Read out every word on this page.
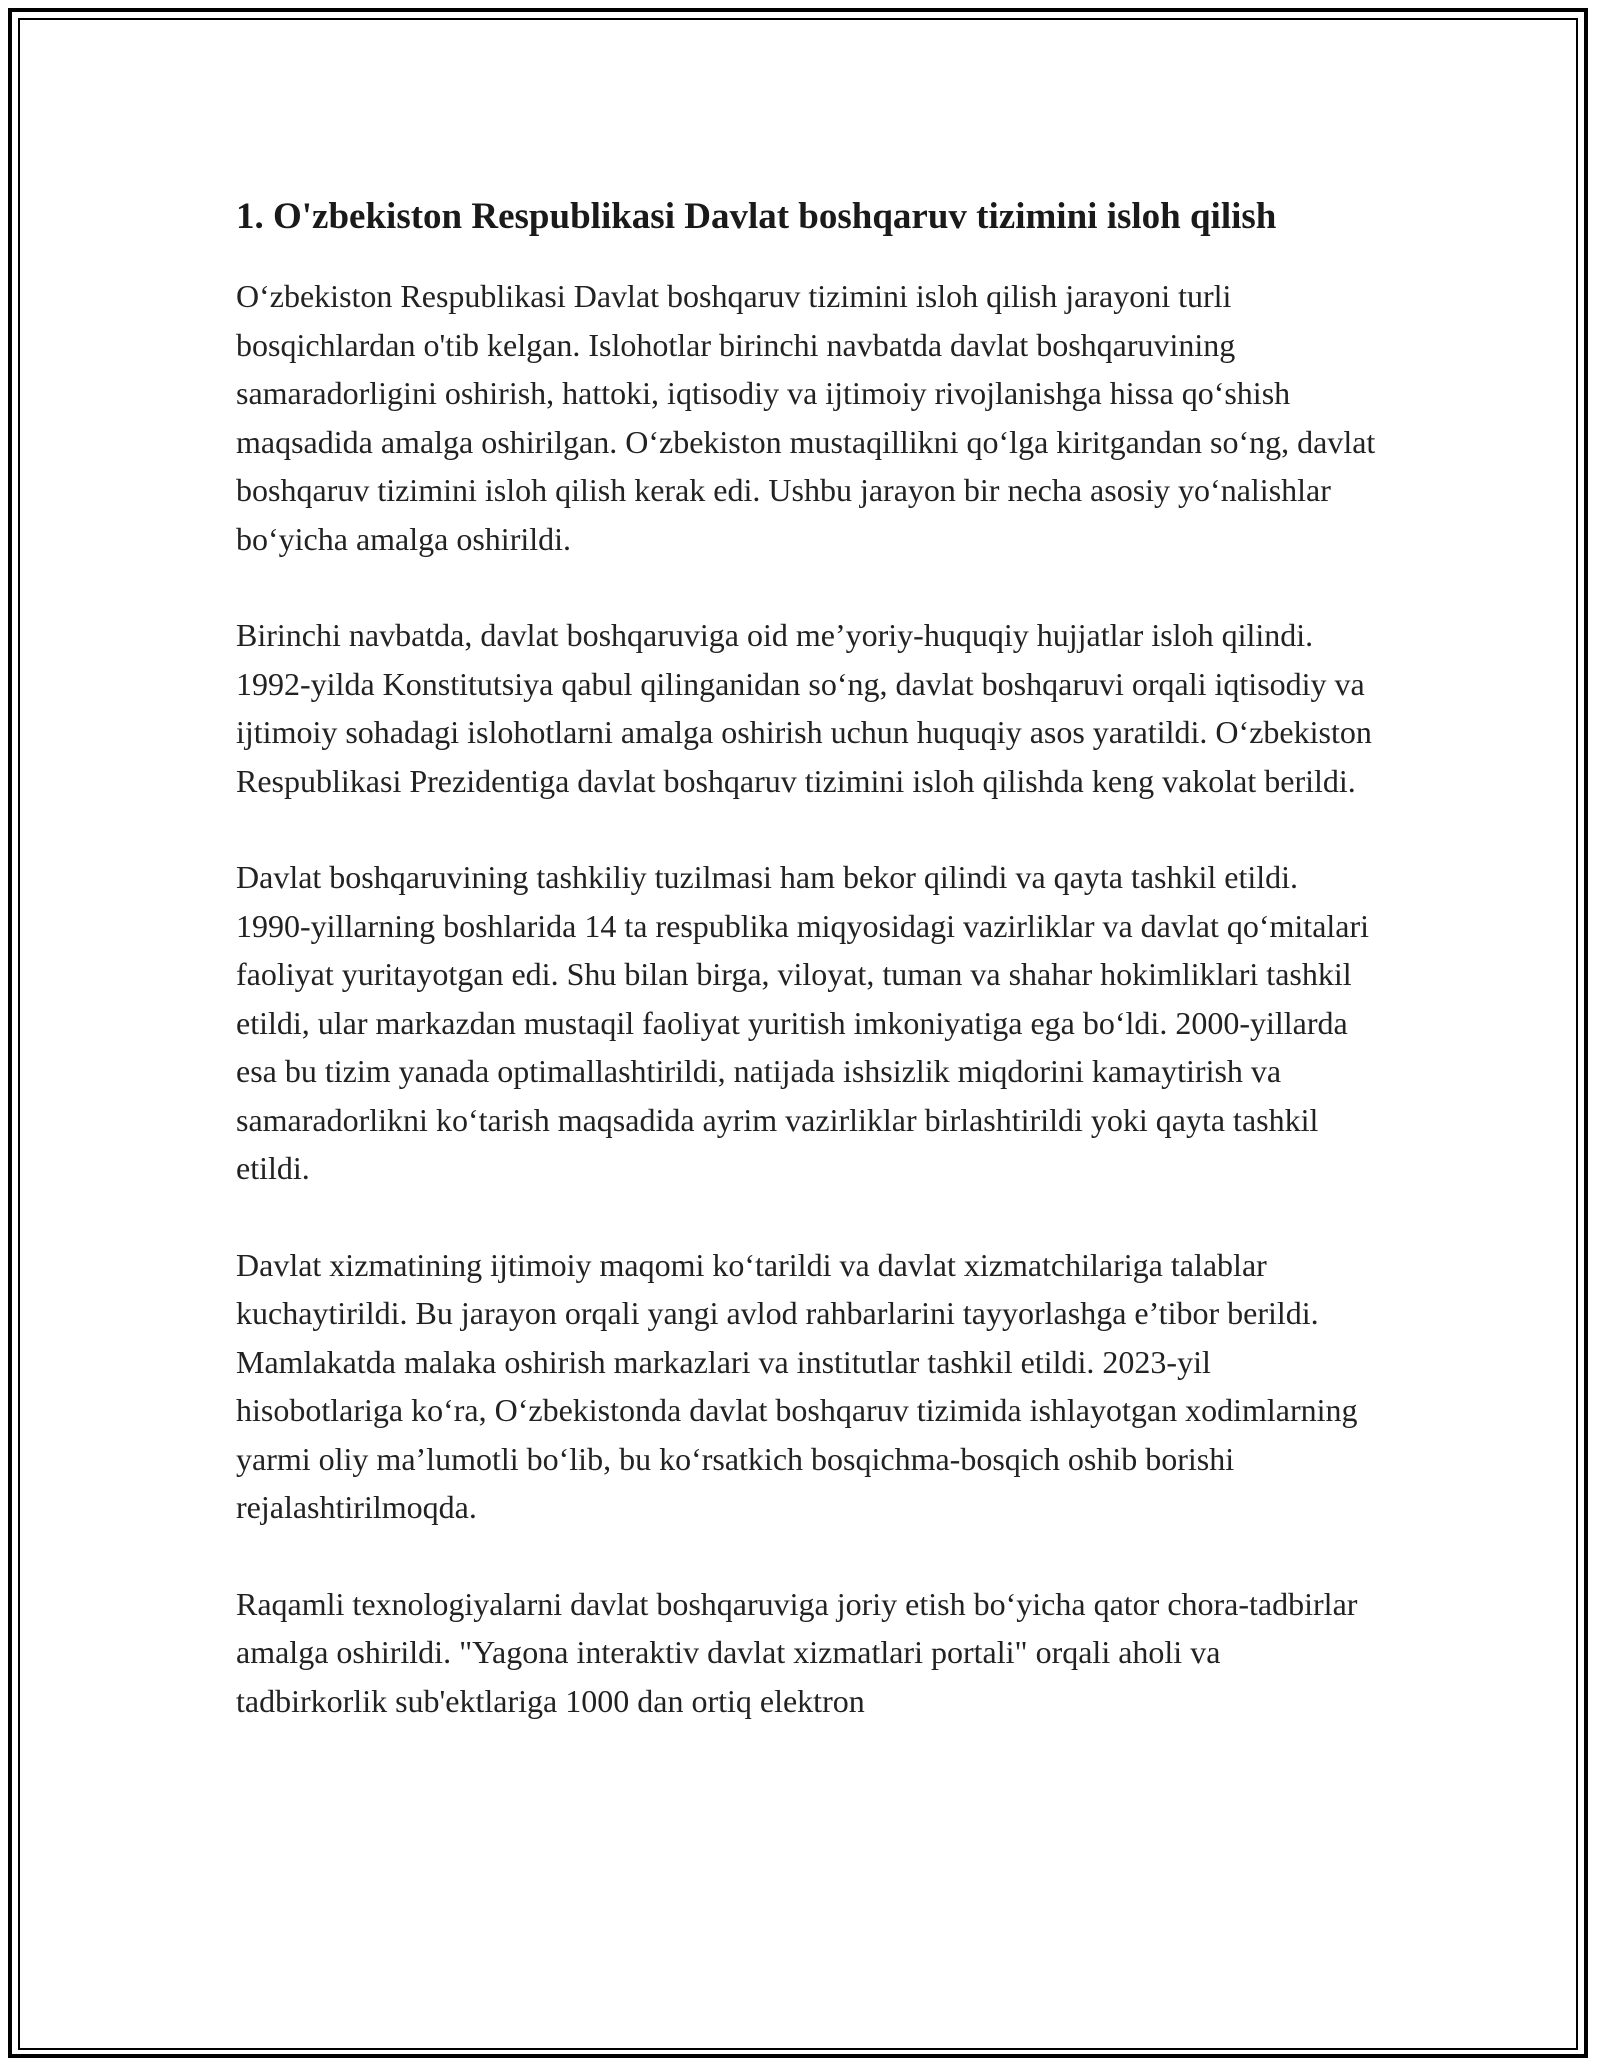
1. O'zbekiston Respublikasi Davlat boshqaruv tizimini isloh qilish

O‘zbekiston Respublikasi Davlat boshqaruv tizimini isloh qilish jarayoni turli bosqichlardan o'tib kelgan. Islohotlar birinchi navbatda davlat boshqaruvining samaradorligini oshirish, hattoki, iqtisodiy va ijtimoiy rivojlanishga hissa qo‘shish maqsadida amalga oshirilgan. O‘zbekiston mustaqillikni qo‘lga kiritgandan so‘ng, davlat boshqaruv tizimini isloh qilish kerak edi. Ushbu jarayon bir necha asosiy yo‘nalishlar bo‘yicha amalga oshirildi.

Birinchi navbatda, davlat boshqaruviga oid me’yoriy-huquqiy hujjatlar isloh qilindi. 1992-yilda Konstitutsiya qabul qilinganidan so‘ng, davlat boshqaruvi orqali iqtisodiy va ijtimoiy sohadagi islohotlarni amalga oshirish uchun huquqiy asos yaratildi. O‘zbekiston Respublikasi Prezidentiga davlat boshqaruv tizimini isloh qilishda keng vakolat berildi.

Davlat boshqaruvining tashkiliy tuzilmasi ham bekor qilindi va qayta tashkil etildi. 1990-yillarning boshlarida 14 ta respublika miqyosidagi vazirliklar va davlat qo‘mitalari faoliyat yuritayotgan edi. Shu bilan birga, viloyat, tuman va shahar hokimliklari tashkil etildi, ular markazdan mustaqil faoliyat yuritish imkoniyatiga ega bo‘ldi. 2000-yillarda esa bu tizim yanada optimallashtirildi, natijada ishsizlik miqdorini kamaytirish va samaradorlikni ko‘tarish maqsadida ayrim vazirliklar birlashtirildi yoki qayta tashkil etildi.

Davlat xizmatining ijtimoiy maqomi ko‘tarildi va davlat xizmatchilariga talablar kuchaytirildi. Bu jarayon orqali yangi avlod rahbarlarini tayyorlashga e’tibor berildi. Mamlakatda malaka oshirish markazlari va institutlar tashkil etildi. 2023-yil hisobotlariga ko‘ra, O‘zbekistonda davlat boshqaruv tizimida ishlayotgan xodimlarning yarmi oliy ma’lumotli bo‘lib, bu ko‘rsatkich bosqichma-bosqich oshib borishi rejalashtirilmoqda.

Raqamli texnologiyalarni davlat boshqaruviga joriy etish bo‘yicha qator chora-tadbirlar amalga oshirildi. "Yagona interaktiv davlat xizmatlari portali" orqali aholi va tadbirkorlik sub'ektlariga 1000 dan ortiq elektron
